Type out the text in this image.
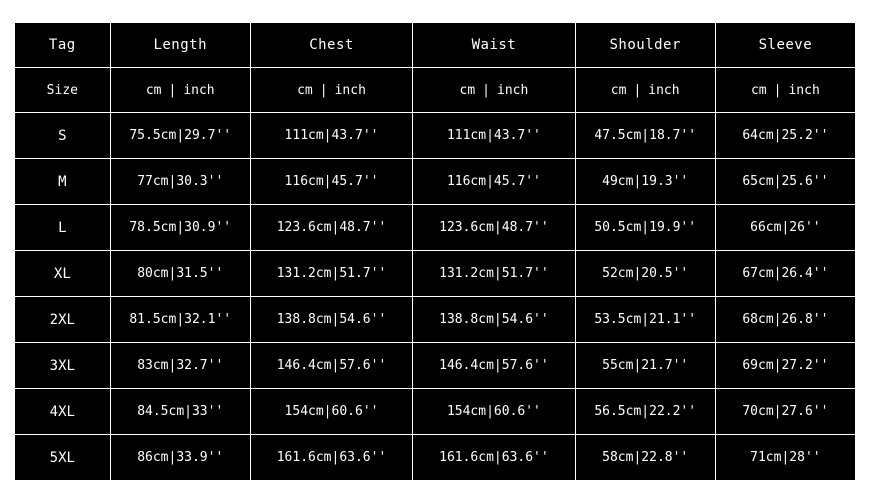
Tag	Length	Chest	Waist	Shoulder	Sleeve
Size	cm | inch	cm | inch	cm | inch	cm | inch	cm | inch
S	75.5cm|29.7''	111cm|43.7''	111cm|43.7''	47.5cm|18.7''	64cm|25.2''
M	77cm|30.3''	116cm|45.7''	116cm|45.7''	49cm|19.3''	65cm|25.6''
L	78.5cm|30.9''	123.6cm|48.7''	123.6cm|48.7''	50.5cm|19.9''	66cm|26''
XL	80cm|31.5''	131.2cm|51.7''	131.2cm|51.7''	52cm|20.5''	67cm|26.4''
2XL	81.5cm|32.1''	138.8cm|54.6''	138.8cm|54.6''	53.5cm|21.1''	68cm|26.8''
3XL	83cm|32.7''	146.4cm|57.6''	146.4cm|57.6''	55cm|21.7''	69cm|27.2''
4XL	84.5cm|33''	154cm|60.6''	154cm|60.6''	56.5cm|22.2''	70cm|27.6''
5XL	86cm|33.9''	161.6cm|63.6''	161.6cm|63.6''	58cm|22.8''	71cm|28''
